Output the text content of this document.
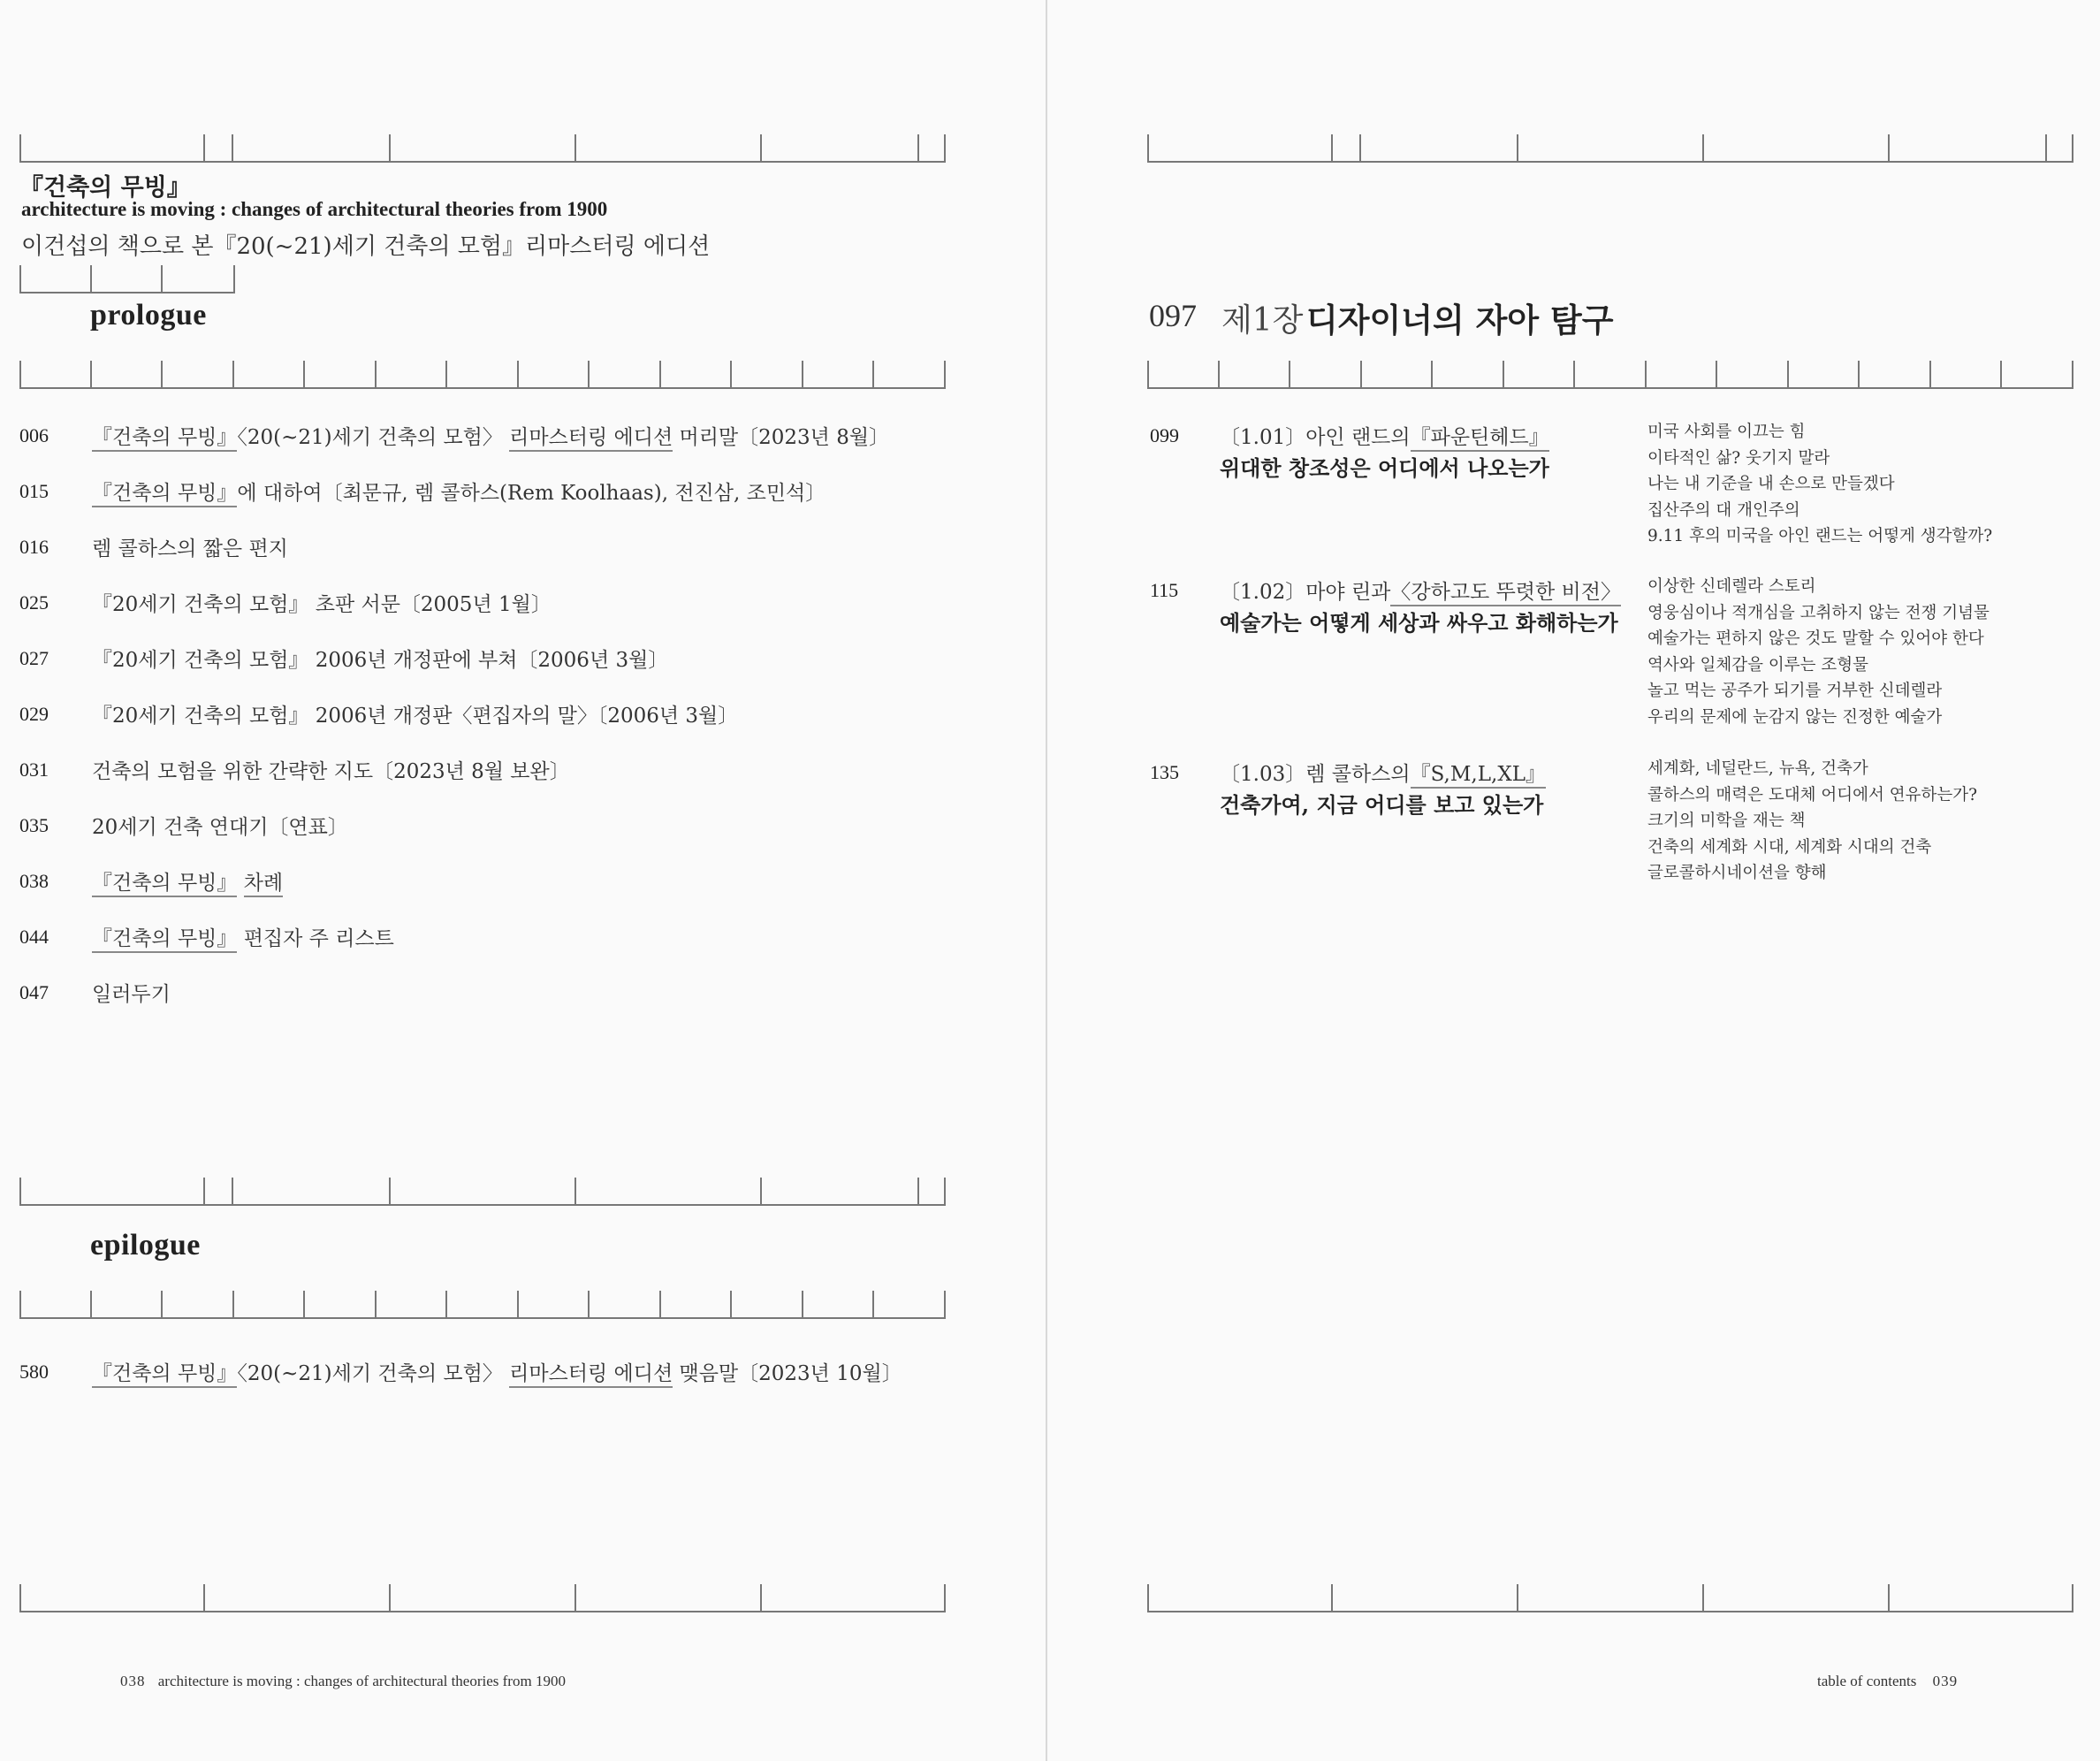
『건축의 무빙』
architecture is moving : changes of architectural theories from 1900
이건섭의 책으로 본『20(~21)세기 건축의 모험』리마스터링 에디션
prologue
006 『건축의 무빙』〈20(~21)세기 건축의 모험〉 리마스터링 에디션 머리말〔2023년 8월〕
015 『건축의 무빙』에 대하여〔최문규, 렘 콜하스(Rem Koolhaas), 전진삼, 조민석〕
016 렘 콜하스의 짧은 편지
025 『20세기 건축의 모험』 초판 서문〔2005년 1월〕
027 『20세기 건축의 모험』 2006년 개정판에 부쳐〔2006년 3월〕
029 『20세기 건축의 모험』 2006년 개정판〈편집자의 말〉〔2006년 3월〕
031 건축의 모험을 위한 간략한 지도〔2023년 8월 보완〕
035 20세기 건축 연대기〔연표〕
038 『건축의 무빙』 차례
044 『건축의 무빙』 편집자 주 리스트
047 일러두기
epilogue
580 『건축의 무빙』〈20(~21)세기 건축의 모험〉 리마스터링 에디션 맺음말〔2023년 10월〕
038 architecture is moving : changes of architectural theories from 1900
097 제1장 디자이너의 자아 탐구
099 〔1.01〕아인 랜드의『파운틴헤드』
위대한 창조성은 어디에서 나오는가
미국 사회를 이끄는 힘
이타적인 삶? 웃기지 말라
나는 내 기준을 내 손으로 만들겠다
집산주의 대 개인주의
9.11 후의 미국을 아인 랜드는 어떻게 생각할까?
115 〔1.02〕마야 린과〈강하고도 뚜렷한 비전〉
예술가는 어떻게 세상과 싸우고 화해하는가
이상한 신데렐라 스토리
영웅심이나 적개심을 고취하지 않는 전쟁 기념물
예술가는 편하지 않은 것도 말할 수 있어야 한다
역사와 일체감을 이루는 조형물
놀고 먹는 공주가 되기를 거부한 신데렐라
우리의 문제에 눈감지 않는 진정한 예술가
135 〔1.03〕렘 콜하스의『S,M,L,XL』
건축가여, 지금 어디를 보고 있는가
세계화, 네덜란드, 뉴욕, 건축가
콜하스의 매력은 도대체 어디에서 연유하는가?
크기의 미학을 재는 책
건축의 세계화 시대, 세계화 시대의 건축
글로콜하시네이션을 향해
table of contents 039
